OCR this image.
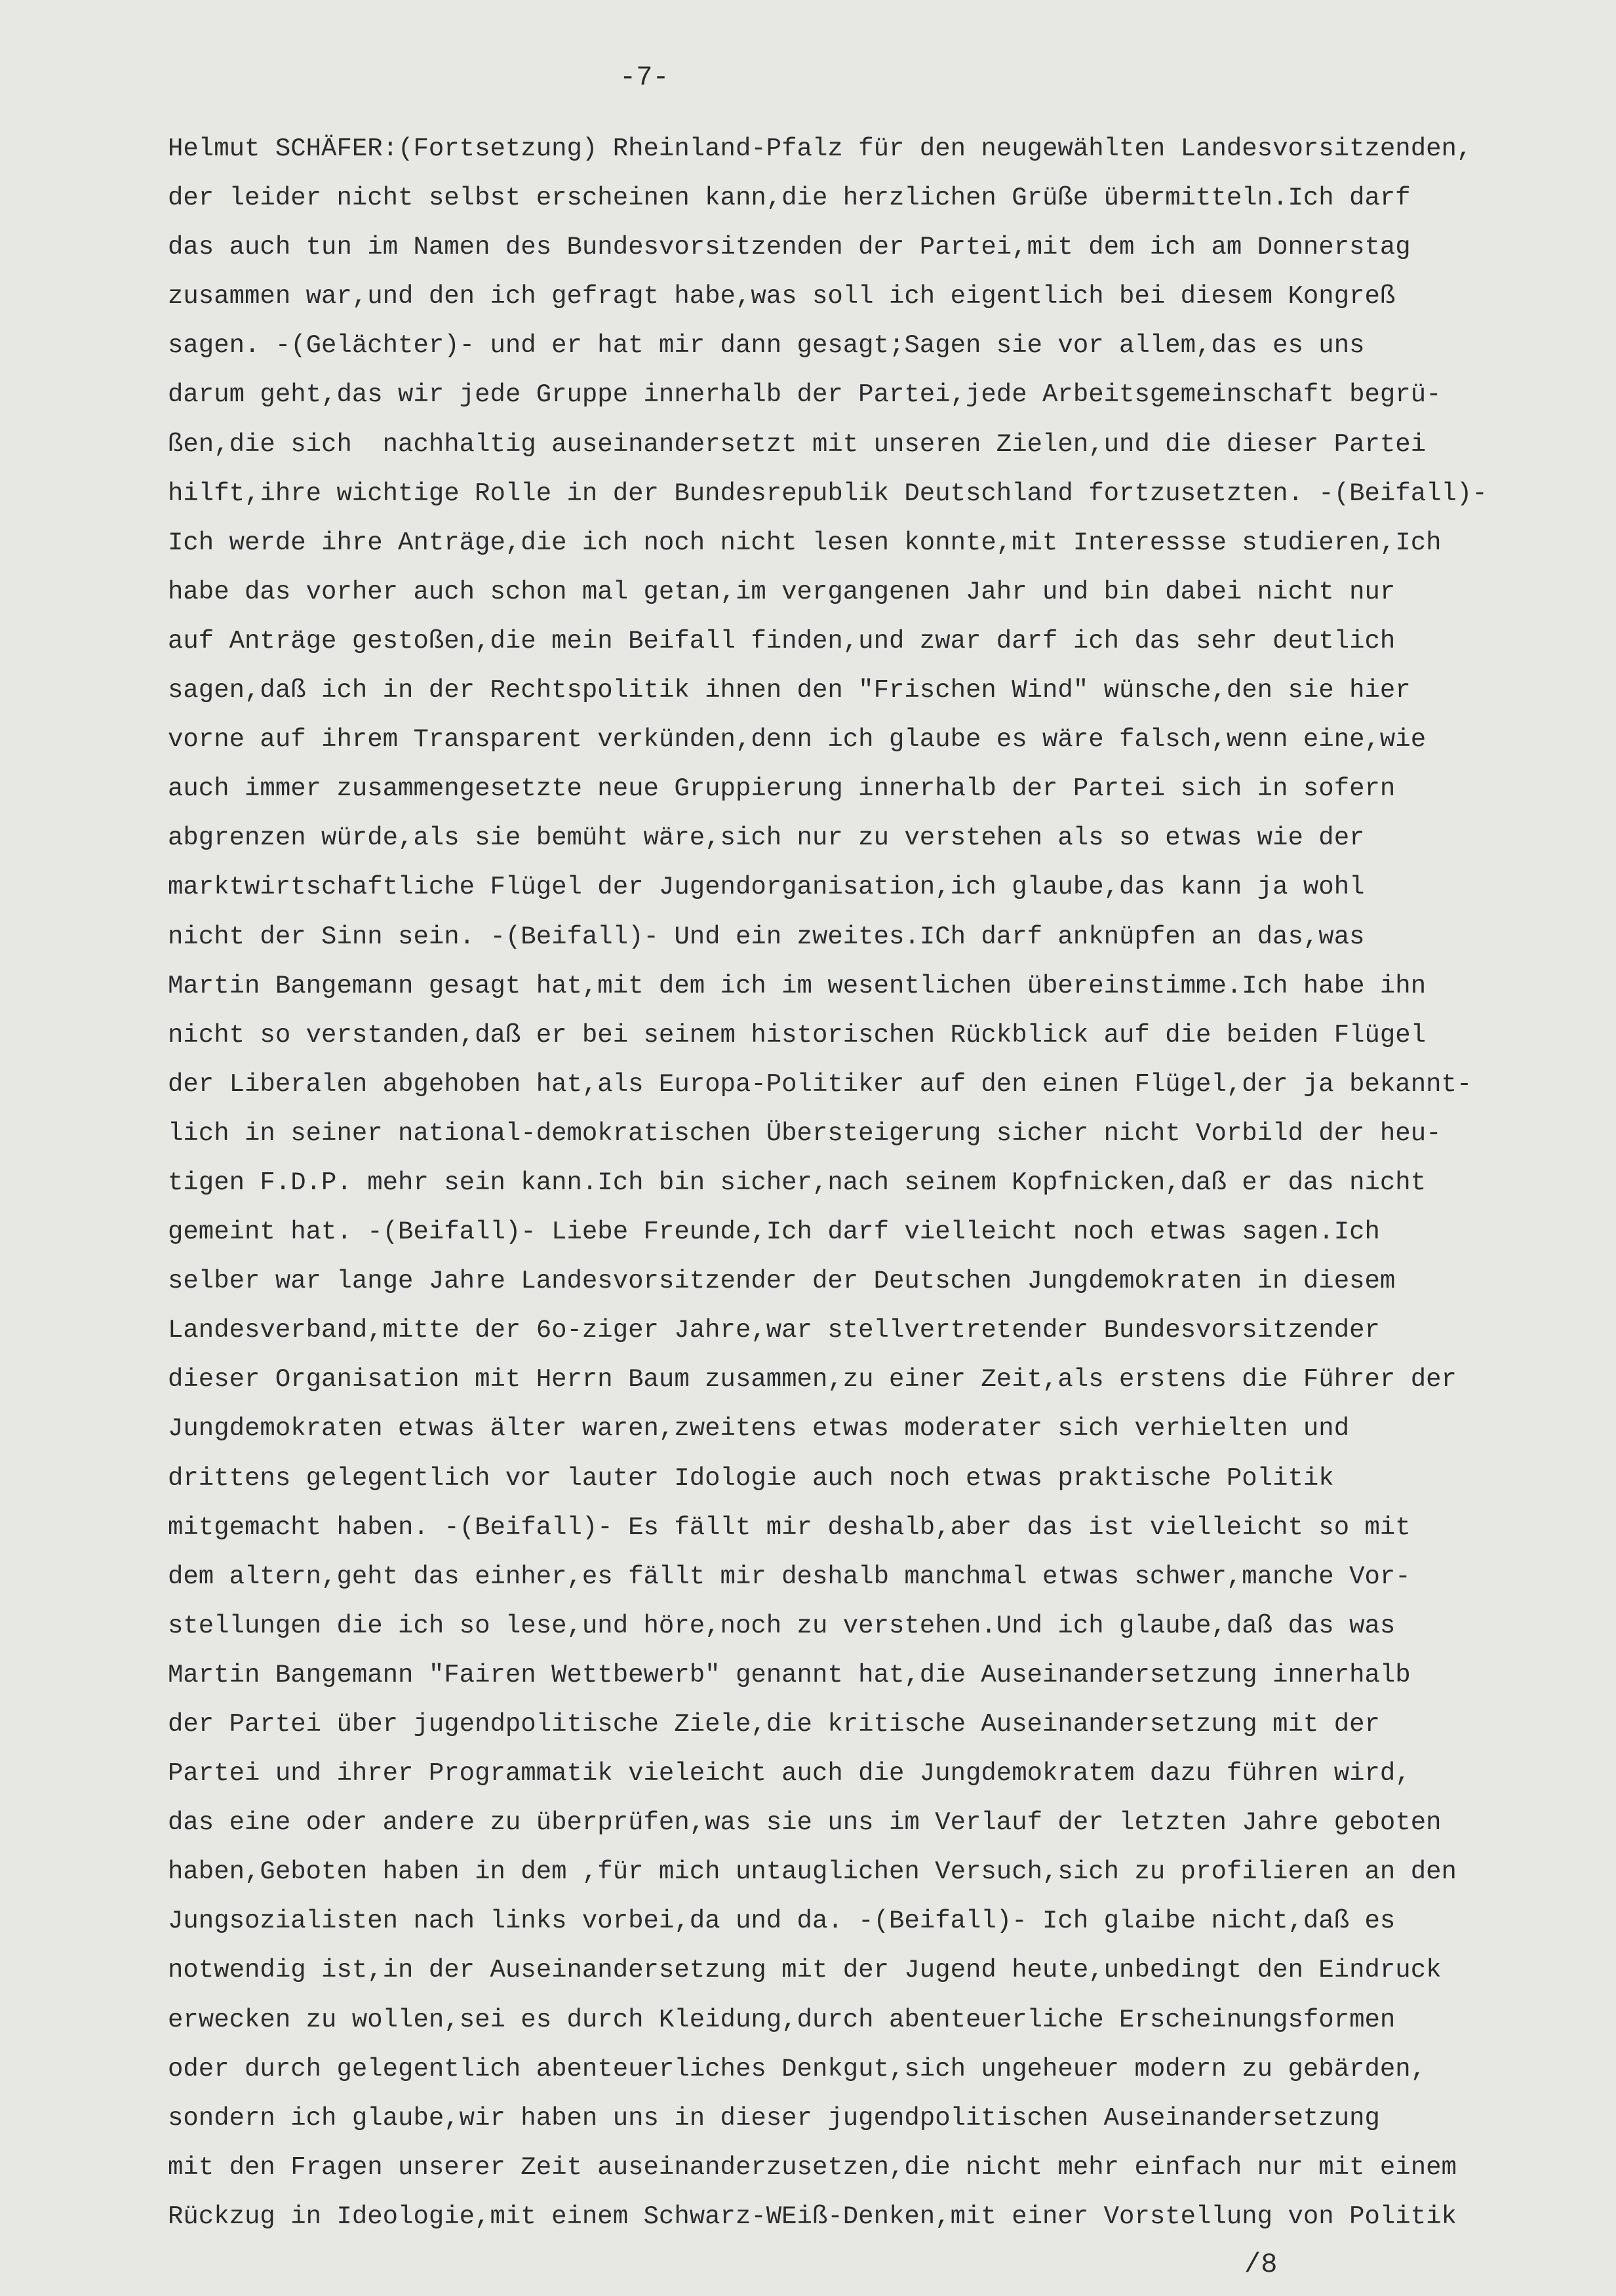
-7-
Helmut SCHÄFER:(Fortsetzung) Rheinland-Pfalz für den neugewählten Landesvorsitzenden,
der leider nicht selbst erscheinen kann,die herzlichen Grüße übermitteln.Ich darf
das auch tun im Namen des Bundesvorsitzenden der Partei,mit dem ich am Donnerstag
zusammen war,und den ich gefragt habe,was soll ich eigentlich bei diesem Kongreß
sagen. -(Gelächter)- und er hat mir dann gesagt;Sagen sie vor allem,das es uns
darum geht,das wir jede Gruppe innerhalb der Partei,jede Arbeitsgemeinschaft begrü-
ßen,die sich  nachhaltig auseinandersetzt mit unseren Zielen,und die dieser Partei
hilft,ihre wichtige Rolle in der Bundesrepublik Deutschland fortzusetzten. -(Beifall)-
Ich werde ihre Anträge,die ich noch nicht lesen konnte,mit Interessse studieren,Ich
habe das vorher auch schon mal getan,im vergangenen Jahr und bin dabei nicht nur
auf Anträge gestoßen,die mein Beifall finden,und zwar darf ich das sehr deutlich
sagen,daß ich in der Rechtspolitik ihnen den "Frischen Wind" wünsche,den sie hier
vorne auf ihrem Transparent verkünden,denn ich glaube es wäre falsch,wenn eine,wie
auch immer zusammengesetzte neue Gruppierung innerhalb der Partei sich in sofern
abgrenzen würde,als sie bemüht wäre,sich nur zu verstehen als so etwas wie der
marktwirtschaftliche Flügel der Jugendorganisation,ich glaube,das kann ja wohl
nicht der Sinn sein. -(Beifall)- Und ein zweites.ICh darf anknüpfen an das,was
Martin Bangemann gesagt hat,mit dem ich im wesentlichen übereinstimme.Ich habe ihn
nicht so verstanden,daß er bei seinem historischen Rückblick auf die beiden Flügel
der Liberalen abgehoben hat,als Europa-Politiker auf den einen Flügel,der ja bekannt-
lich in seiner national-demokratischen Übersteigerung sicher nicht Vorbild der heu-
tigen F.D.P. mehr sein kann.Ich bin sicher,nach seinem Kopfnicken,daß er das nicht
gemeint hat. -(Beifall)- Liebe Freunde,Ich darf vielleicht noch etwas sagen.Ich
selber war lange Jahre Landesvorsitzender der Deutschen Jungdemokraten in diesem
Landesverband,mitte der 6o-ziger Jahre,war stellvertretender Bundesvorsitzender
dieser Organisation mit Herrn Baum zusammen,zu einer Zeit,als erstens die Führer der
Jungdemokraten etwas älter waren,zweitens etwas moderater sich verhielten und
drittens gelegentlich vor lauter Idologie auch noch etwas praktische Politik
mitgemacht haben. -(Beifall)- Es fällt mir deshalb,aber das ist vielleicht so mit
dem altern,geht das einher,es fällt mir deshalb manchmal etwas schwer,manche Vor-
stellungen die ich so lese,und höre,noch zu verstehen.Und ich glaube,daß das was
Martin Bangemann "Fairen Wettbewerb" genannt hat,die Auseinandersetzung innerhalb
der Partei über jugendpolitische Ziele,die kritische Auseinandersetzung mit der
Partei und ihrer Programmatik vieleicht auch die Jungdemokratem dazu führen wird,
das eine oder andere zu überprüfen,was sie uns im Verlauf der letzten Jahre geboten
haben,Geboten haben in dem ,für mich untauglichen Versuch,sich zu profilieren an den
Jungsozialisten nach links vorbei,da und da. -(Beifall)- Ich glaibe nicht,daß es
notwendig ist,in der Auseinandersetzung mit der Jugend heute,unbedingt den Eindruck
erwecken zu wollen,sei es durch Kleidung,durch abenteuerliche Erscheinungsformen
oder durch gelegentlich abenteuerliches Denkgut,sich ungeheuer modern zu gebärden,
sondern ich glaube,wir haben uns in dieser jugendpolitischen Auseinandersetzung
mit den Fragen unserer Zeit auseinanderzusetzen,die nicht mehr einfach nur mit einem
Rückzug in Ideologie,mit einem Schwarz-WEiß-Denken,mit einer Vorstellung von Politik
/8
